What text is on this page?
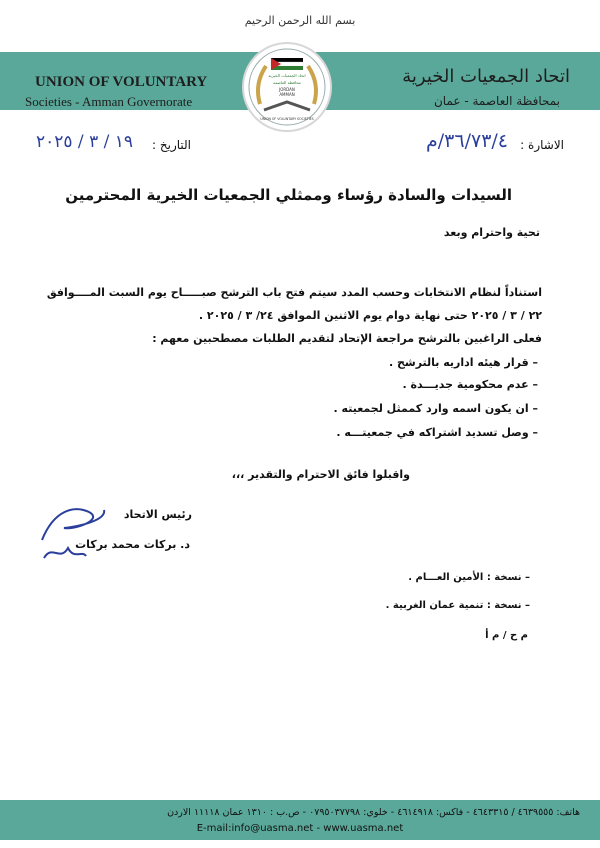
بسم الله الرحمن الرحيم
UNION OF VOLUNTARY
Societies - Amman Governorate
اتحاد الجمعيات الخيرية
بمحافظة العاصمة - عمان
اتحاد الجمعيات الخيرية
محافظة العاصمة
JORDAN
AMMAN
UNION OF VOLUNTARY SOCIETIES
الاشارة :
٣٦/٧٣/٤/م
التاريخ :
١٩ / ٣ / ٢٠٢٥
السيدات والسادة رؤساء وممثلي الجمعيات الخيرية المحترمين
تحية واحترام وبعد
استناداً لنظام الانتخابات وحسب المدد سيتم فتح باب الترشح صبـــــاح يوم السبت المــــوافق
٢٢ / ٣ / ٢٠٢٥ حتى نهاية دوام يوم الاثنين الموافق ٢٤/ ٣ / ٢٠٢٥ .
فعلى الراغبين بالترشح مراجعة الإتحاد لتقديم الطلبات مصطحبين معهم :
– قرار هيئه اداريه بالترشح .
– عدم محكومية جديـــدة .
– ان يكون اسمه وارد كممثل لجمعيته .
– وصل تسديد اشتراكه في جمعيتـــه .
واقبلوا فائق الاحترام والتقدير ،،،
رئيس الاتحاد
د. بركات محمد بركات
– نسخة : الأمين العـــام .
– نسخة : تنمية عمان الغربية .
م ح / م أ
هاتف: ٤٦٣٩٥٥٥ / ٤٦٤٣٣١٥ - فاكس: ٤٦١٤٩١٨ - خلوي: ٠٧٩٥٠٣٧٧٩٨ - ص.ب : ١٣١٠ عمان ١١١١٨ الاردن
E-mail:info@uasma.net - www.uasma.net
